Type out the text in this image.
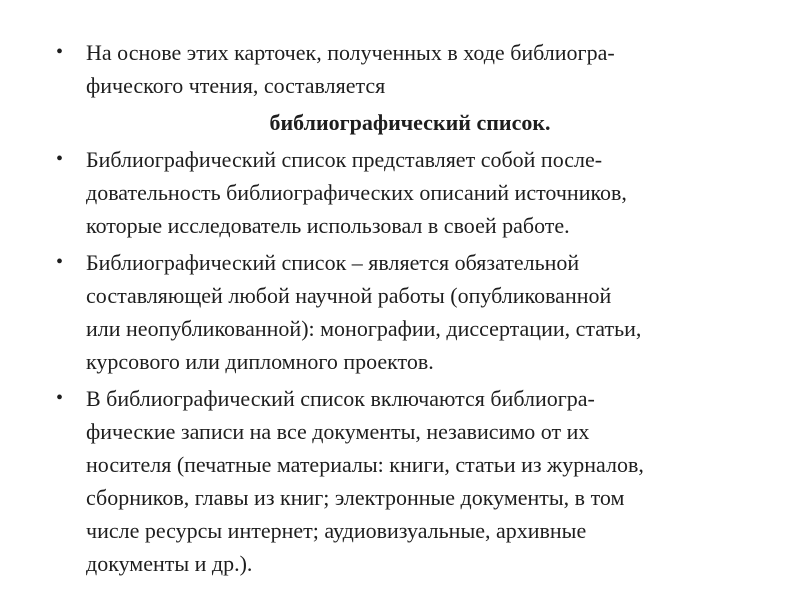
• На основе этих карточек, полученных в ходе библиогра-
фического чтения, составляется
библиографический список.
• Библиографический список представляет собой после-
довательность библиографических описаний источников,
которые исследователь использовал в своей работе.
• Библиографический список – является обязательной
составляющей любой научной работы (опубликованной
или неопубликованной): монографии, диссертации, статьи,
курсового или дипломного проектов.
• В библиографический список включаются библиогра-
фические записи на все документы, независимо от их
носителя (печатные материалы: книги, статьи из журналов,
сборников, главы из книг; электронные документы, в том
числе ресурсы интернет; аудиовизуальные, архивные
документы и др.).
